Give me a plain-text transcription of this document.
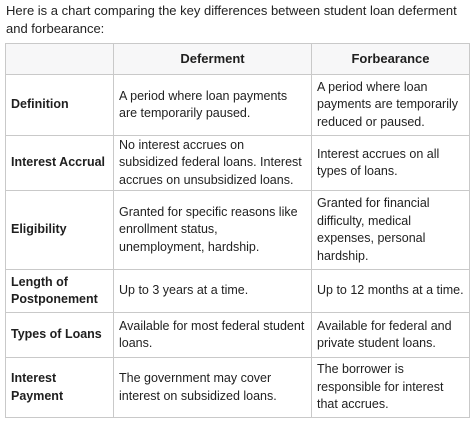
Here is a chart comparing the key differences between student loan deferment and forbearance:
	Deferment	Forbearance
Definition	A period where loan payments are temporarily paused.	A period where loan payments are temporarily reduced or paused.
Interest Accrual	No interest accrues on subsidized federal loans. Interest accrues on unsubsidized loans.	Interest accrues on all types of loans.
Eligibility	Granted for specific reasons like enrollment status, unemployment, hardship.	Granted for financial difficulty, medical expenses, personal hardship.
Length of Postponement	Up to 3 years at a time.	Up to 12 months at a time.
Types of Loans	Available for most federal student loans.	Available for federal and private student loans.
Interest Payment	The government may cover interest on subsidized loans.	The borrower is responsible for interest that accrues.
